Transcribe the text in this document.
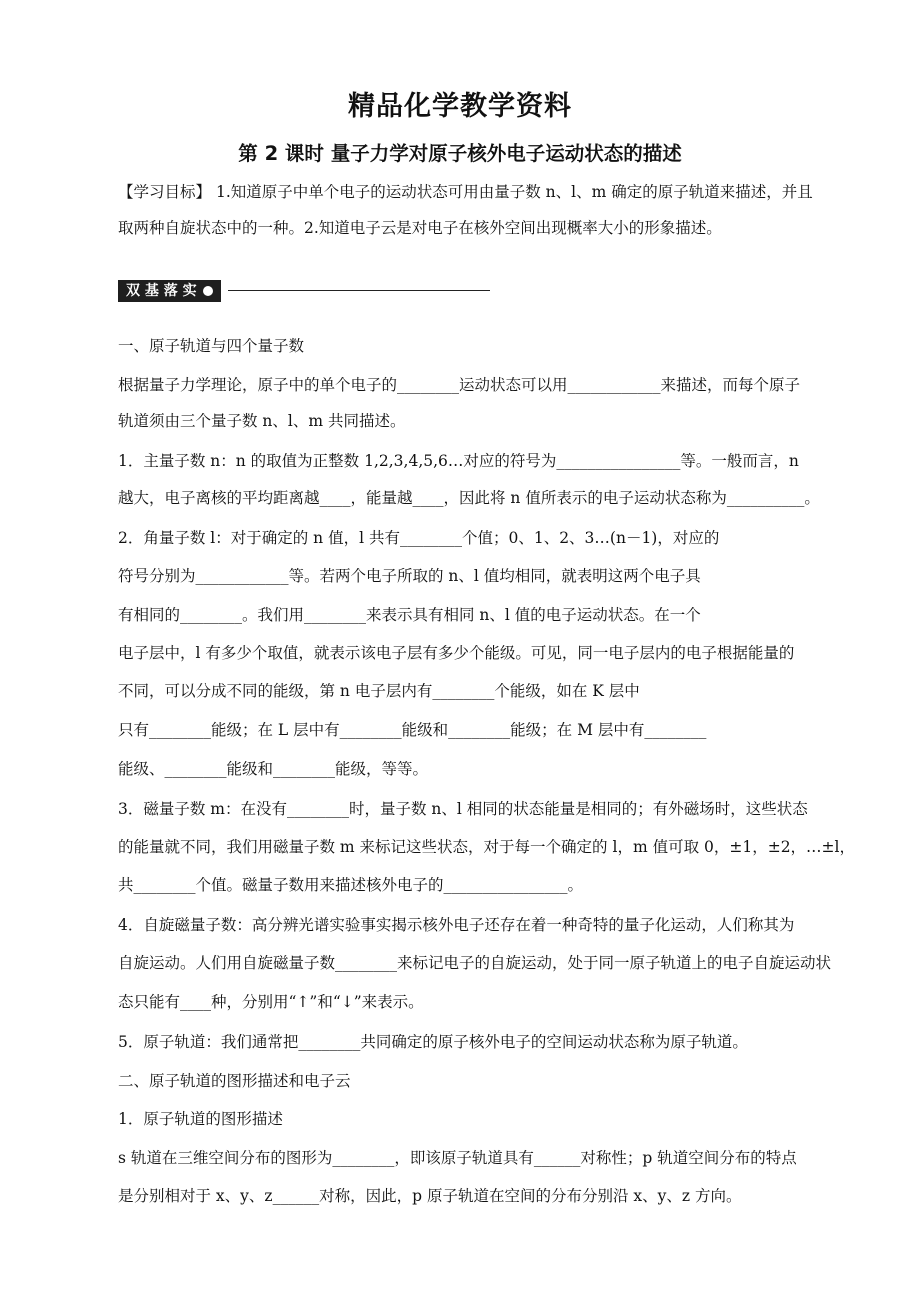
精品化学教学资料
第 2 课时 量子力学对原子核外电子运动状态的描述
【学习目标】 1.知道原子中单个电子的运动状态可用由量子数 n、l、m 确定的原子轨道来描述，并且
取两种自旋状态中的一种。2.知道电子云是对电子在核外空间出现概率大小的形象描述。
双 基 落 实
一、原子轨道与四个量子数
根据量子力学理论，原子中的单个电子的________运动状态可以用____________来描述，而每个原子
轨道须由三个量子数 n、l、m 共同描述。
1．主量子数 n：n 的取值为正整数 1,2,3,4,5,6…对应的符号为________________等。一般而言，n
越大，电子离核的平均距离越____，能量越____，因此将 n 值所表示的电子运动状态称为__________。
2．角量子数 l：对于确定的 n 值，l 共有________个值；0、1、2、3…(n－1)，对应的
符号分别为____________等。若两个电子所取的 n、l 值均相同，就表明这两个电子具
有相同的________。我们用________来表示具有相同 n、l 值的电子运动状态。在一个
电子层中，l 有多少个取值，就表示该电子层有多少个能级。可见，同一电子层内的电子根据能量的
不同，可以分成不同的能级，第 n 电子层内有________个能级，如在 K 层中
只有________能级；在 L 层中有________能级和________能级；在 M 层中有________
能级、________能级和________能级，等等。
3．磁量子数 m：在没有________时，量子数 n、l 相同的状态能量是相同的；有外磁场时，这些状态
的能量就不同，我们用磁量子数 m 来标记这些状态，对于每一个确定的 l，m 值可取 0，±1，±2，…±l，
共________个值。磁量子数用来描述核外电子的________________。
4．自旋磁量子数：高分辨光谱实验事实揭示核外电子还存在着一种奇特的量子化运动，人们称其为
自旋运动。人们用自旋磁量子数________来标记电子的自旋运动，处于同一原子轨道上的电子自旋运动状
态只能有____种，分别用“↑”和“↓”来表示。
5．原子轨道：我们通常把________共同确定的原子核外电子的空间运动状态称为原子轨道。
二、原子轨道的图形描述和电子云
1．原子轨道的图形描述
s 轨道在三维空间分布的图形为________，即该原子轨道具有______对称性；p 轨道空间分布的特点
是分别相对于 x、y、z______对称，因此，p 原子轨道在空间的分布分别沿 x、y、z 方向。
